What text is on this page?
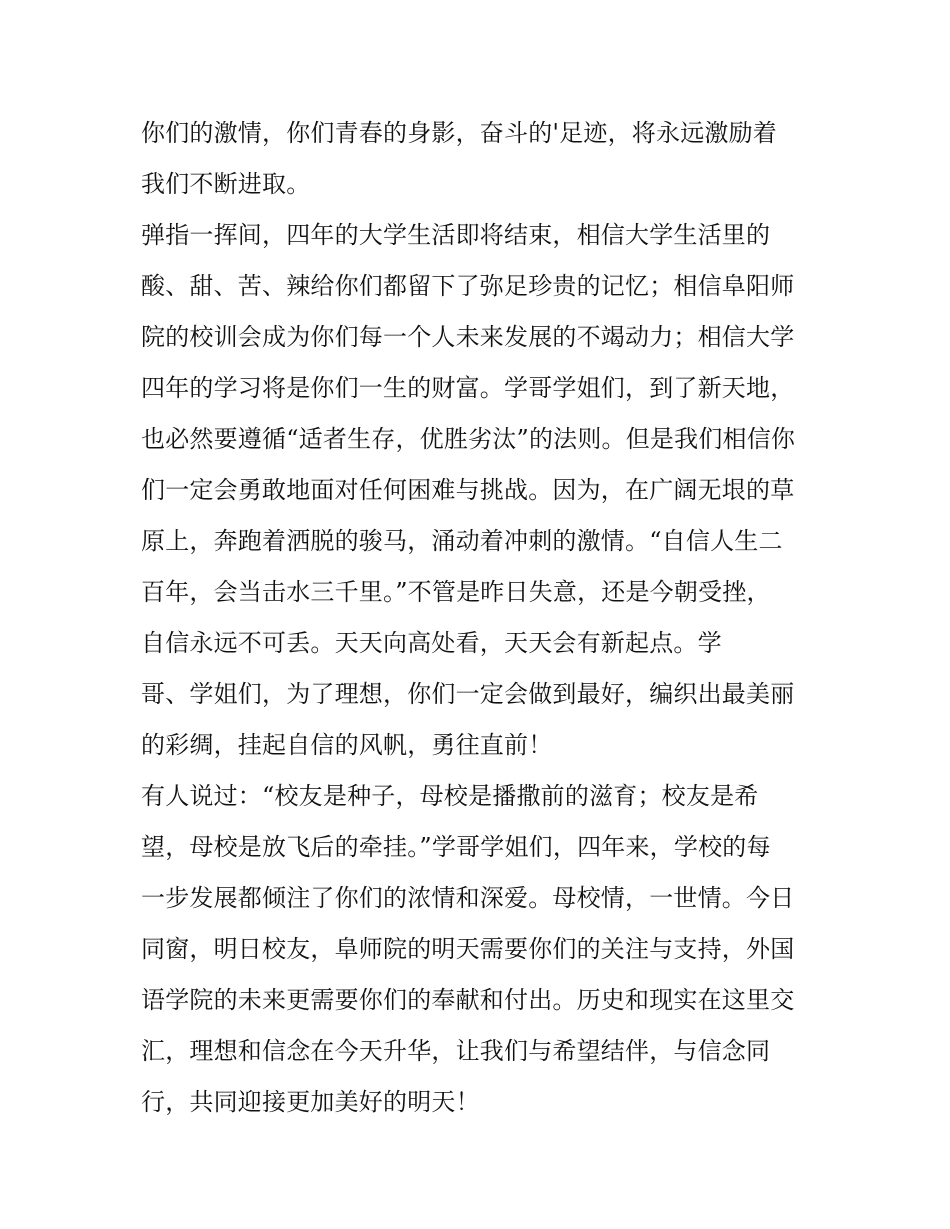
你们的激情，你们青春的身影，奋斗的'足迹，将永远激励着
我们不断进取。
弹指一挥间，四年的大学生活即将结束，相信大学生活里的
酸、甜、苦、辣给你们都留下了弥足珍贵的记忆；相信阜阳师
院的校训会成为你们每一个人未来发展的不竭动力；相信大学
四年的学习将是你们一生的财富。学哥学姐们，到了新天地，
也必然要遵循“适者生存，优胜劣汰”的法则。但是我们相信你
们一定会勇敢地面对任何困难与挑战。因为，在广阔无垠的草
原上，奔跑着洒脱的骏马，涌动着冲刺的激情。“自信人生二
百年，会当击水三千里。”不管是昨日失意，还是今朝受挫，
自信永远不可丢。天天向高处看，天天会有新起点。学
哥、学姐们，为了理想，你们一定会做到最好，编织出最美丽
的彩绸，挂起自信的风帆，勇往直前！
有人说过：“校友是种子，母校是播撒前的滋育；校友是希
望，母校是放飞后的牵挂。”学哥学姐们，四年来，学校的每
一步发展都倾注了你们的浓情和深爱。母校情，一世情。今日
同窗，明日校友，阜师院的明天需要你们的关注与支持，外国
语学院的未来更需要你们的奉献和付出。历史和现实在这里交
汇，理想和信念在今天升华，让我们与希望结伴，与信念同
行，共同迎接更加美好的明天！
